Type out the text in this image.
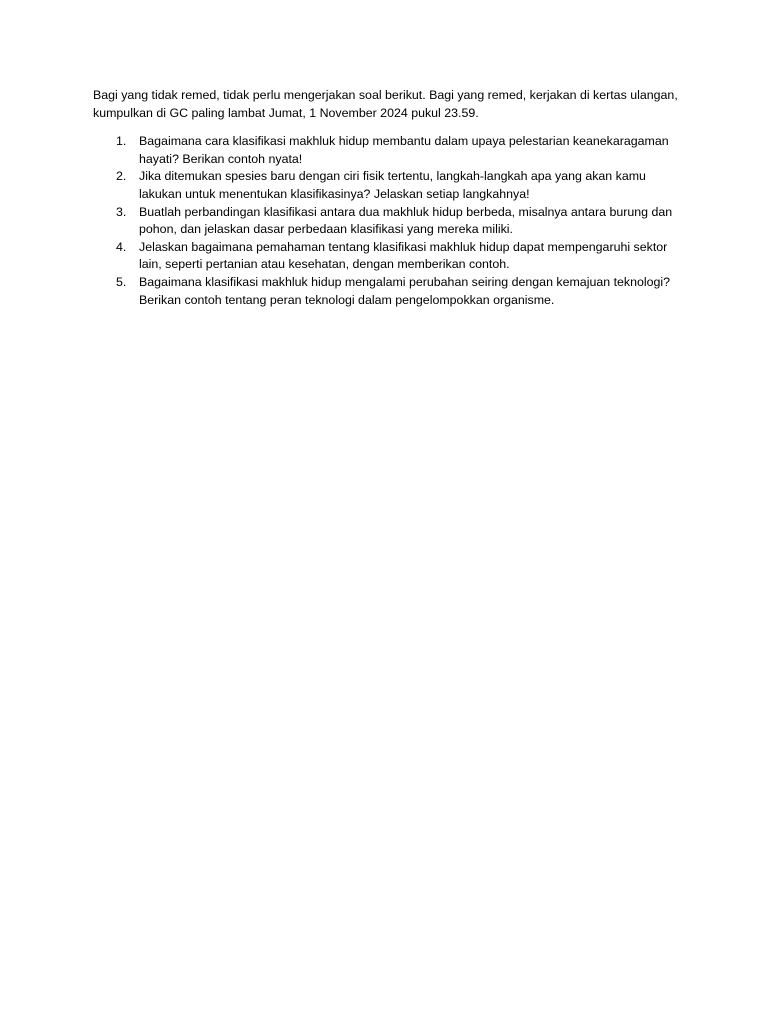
Bagi yang tidak remed, tidak perlu mengerjakan soal berikut. Bagi yang remed, kerjakan di kertas ulangan, kumpulkan di GC paling lambat Jumat, 1 November 2024 pukul 23.59.

1. Bagaimana cara klasifikasi makhluk hidup membantu dalam upaya pelestarian keanekaragaman hayati? Berikan contoh nyata!
2. Jika ditemukan spesies baru dengan ciri fisik tertentu, langkah-langkah apa yang akan kamu lakukan untuk menentukan klasifikasinya? Jelaskan setiap langkahnya!
3. Buatlah perbandingan klasifikasi antara dua makhluk hidup berbeda, misalnya antara burung dan pohon, dan jelaskan dasar perbedaan klasifikasi yang mereka miliki.
4. Jelaskan bagaimana pemahaman tentang klasifikasi makhluk hidup dapat mempengaruhi sektor lain, seperti pertanian atau kesehatan, dengan memberikan contoh.
5. Bagaimana klasifikasi makhluk hidup mengalami perubahan seiring dengan kemajuan teknologi? Berikan contoh tentang peran teknologi dalam pengelompokkan organisme.
